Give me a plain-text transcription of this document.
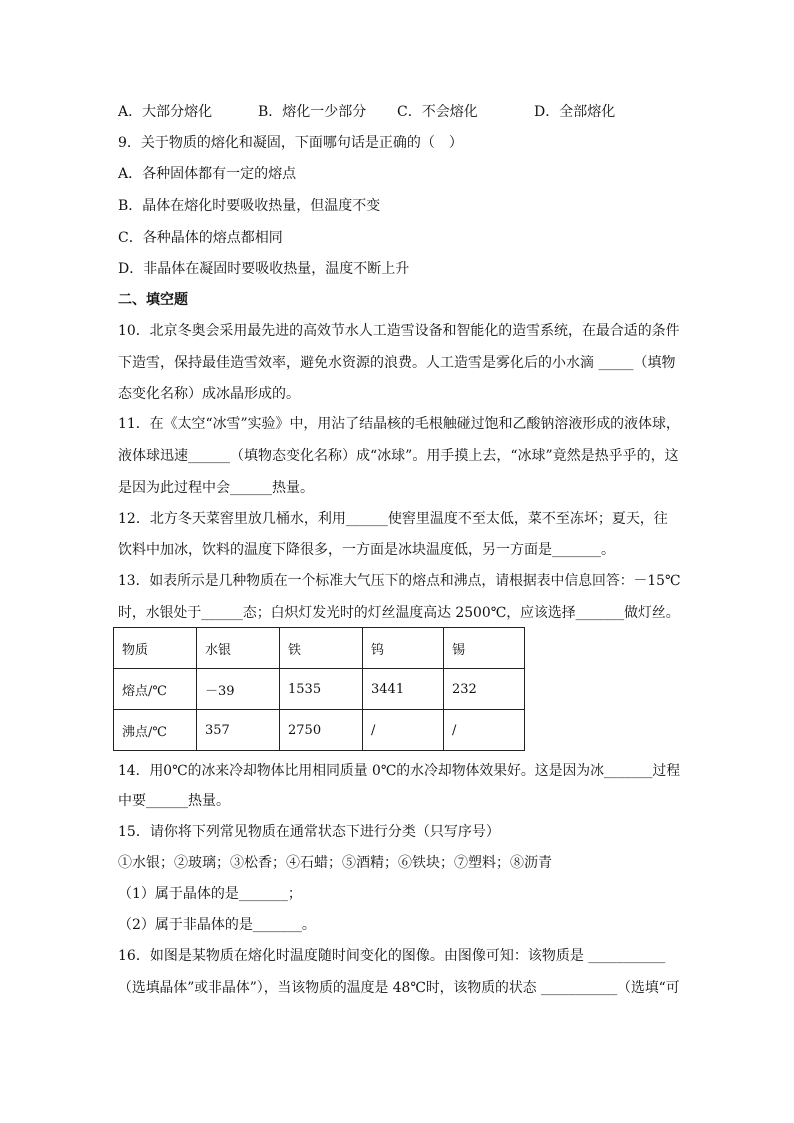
A．大部分熔化	B．熔化一少部分 C．不会熔化	D．全部熔化
9．关于物质的熔化和凝固，下面哪句话是正确的（　）
A．各种固体都有一定的熔点
B．晶体在熔化时要吸收热量，但温度不变
C．各种晶体的熔点都相同
D．非晶体在凝固时要吸收热量，温度不断上升
二、填空题
10．北京冬奥会采用最先进的高效节水人工造雪设备和智能化的造雪系统，在最合适的条件
下造雪，保持最佳造雪效率，避免水资源的浪费。人工造雪是雾化后的小水滴 _____（填物
态变化名称）成冰晶形成的。
11．在《太空“冰雪”实验》中，用沾了结晶核的毛根触碰过饱和乙酸钠溶液形成的液体球，
液体球迅速______（填物态变化名称）成“冰球”。用手摸上去，“冰球”竟然是热乎乎的，这
是因为此过程中会______热量。
12．北方冬天菜窖里放几桶水，利用______使窖里温度不至太低，菜不至冻坏；夏天，往
饮料中加冰，饮料的温度下降很多，一方面是冰块温度低，另一方面是_______。
13．如表所示是几种物质在一个标准大气压下的熔点和沸点，请根据表中信息回答：－15℃
时，水银处于______态；白炽灯发光时的灯丝温度高达 2500℃，应该选择_______做灯丝。
物质	水银	铁	钨	锡
熔点/℃	－39	1535	3441	232
沸点/℃	357	2750	/	/
14．用0℃的冰来冷却物体比用相同质量 0℃的水冷却物体效果好。这是因为冰_______过程
中要______热量。
15．请你将下列常见物质在通常状态下进行分类（只写序号）
①水银；②玻璃；③松香；④石蜡；⑤酒精；⑥铁块；⑦塑料；⑧沥青
（1）属于晶体的是_______；
（2）属于非晶体的是_______。
16．如图是某物质在熔化时温度随时间变化的图像。由图像可知：该物质是 ___________
（选填晶体”或非晶体”），当该物质的温度是 48℃时，该物质的状态 ___________（选填“可
